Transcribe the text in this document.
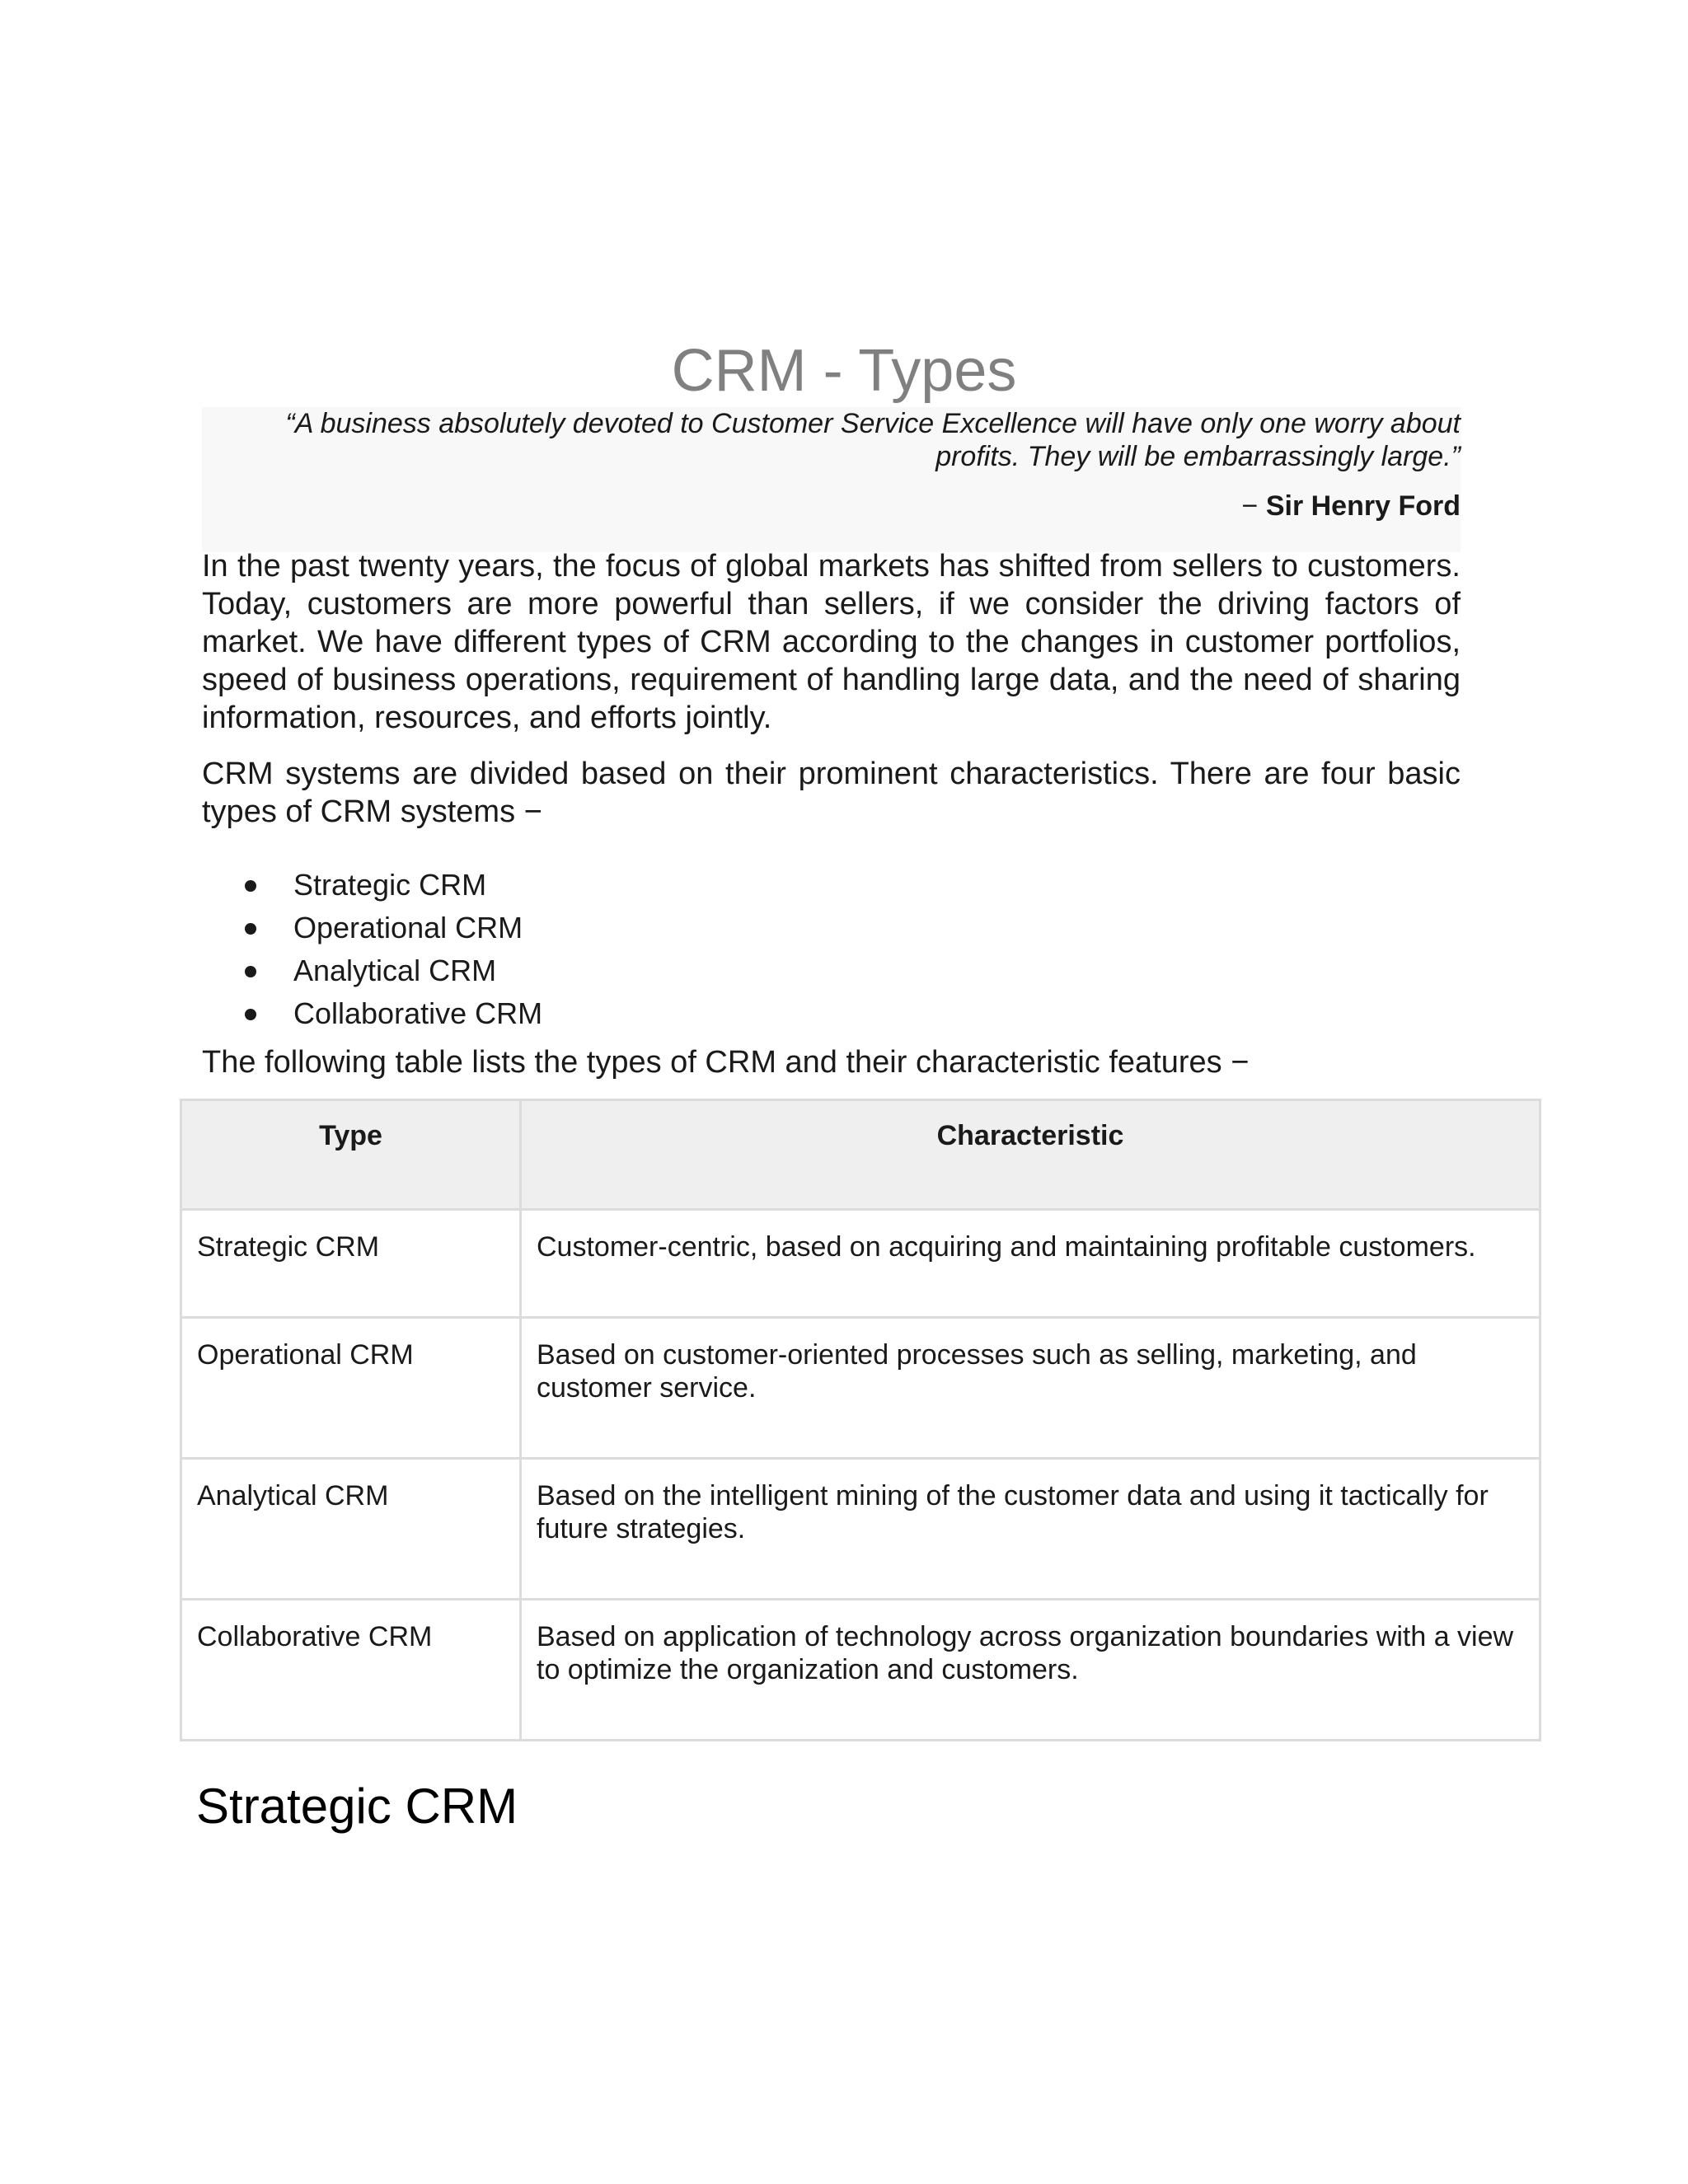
CRM - Types

“A business absolutely devoted to Customer Service Excellence will have only one worry about profits. They will be embarrassingly large.”

− Sir Henry Ford

In the past twenty years, the focus of global markets has shifted from sellers to customers. Today, customers are more powerful than sellers, if we consider the driving factors of market. We have different types of CRM according to the changes in customer portfolios, speed of business operations, requirement of handling large data, and the need of sharing information, resources, and efforts jointly.

CRM systems are divided based on their prominent characteristics. There are four basic types of CRM systems −

Strategic CRM
Operational CRM
Analytical CRM
Collaborative CRM

The following table lists the types of CRM and their characteristic features −

Type	Characteristic
Strategic CRM	Customer-centric, based on acquiring and maintaining profitable customers.
Operational CRM	Based on customer-oriented processes such as selling, marketing, and customer service.
Analytical CRM	Based on the intelligent mining of the customer data and using it tactically for future strategies.
Collaborative CRM	Based on application of technology across organization boundaries with a view to optimize the organization and customers.
Strategic CRM
